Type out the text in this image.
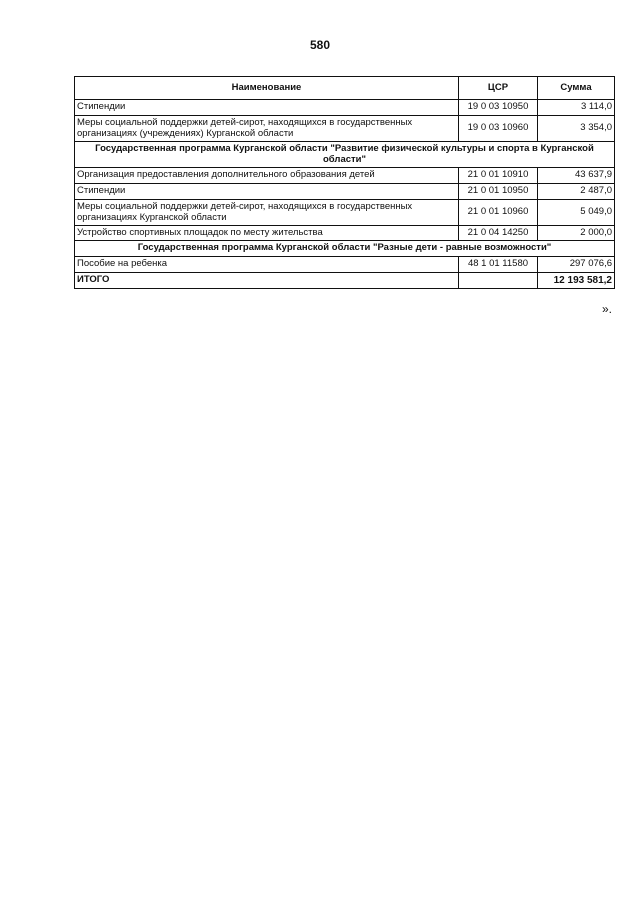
580
Наименование	ЦСР	Сумма
Стипендии	19 0 03 10950	3 114,0
Меры социальной поддержки детей-сирот, находящихся в государственных организациях (учреждениях) Курганской области	19 0 03 10960	3 354,0
Государственная программа Курганской области "Развитие физической культуры и спорта в Курганской области"		
Организация предоставления дополнительного образования детей	21 0 01 10910	43 637,9
Стипендии	21 0 01 10950	2 487,0
Меры социальной поддержки детей-сирот, находящихся в государственных организациях Курганской области	21 0 01 10960	5 049,0
Устройство спортивных площадок по месту жительства	21 0 04 14250	2 000,0
Государственная программа Курганской области "Разные дети - равные возможности"		
Пособие на ребенка	48 1 01 11580	297 076,6
ИТОГО		12 193 581,2
».
